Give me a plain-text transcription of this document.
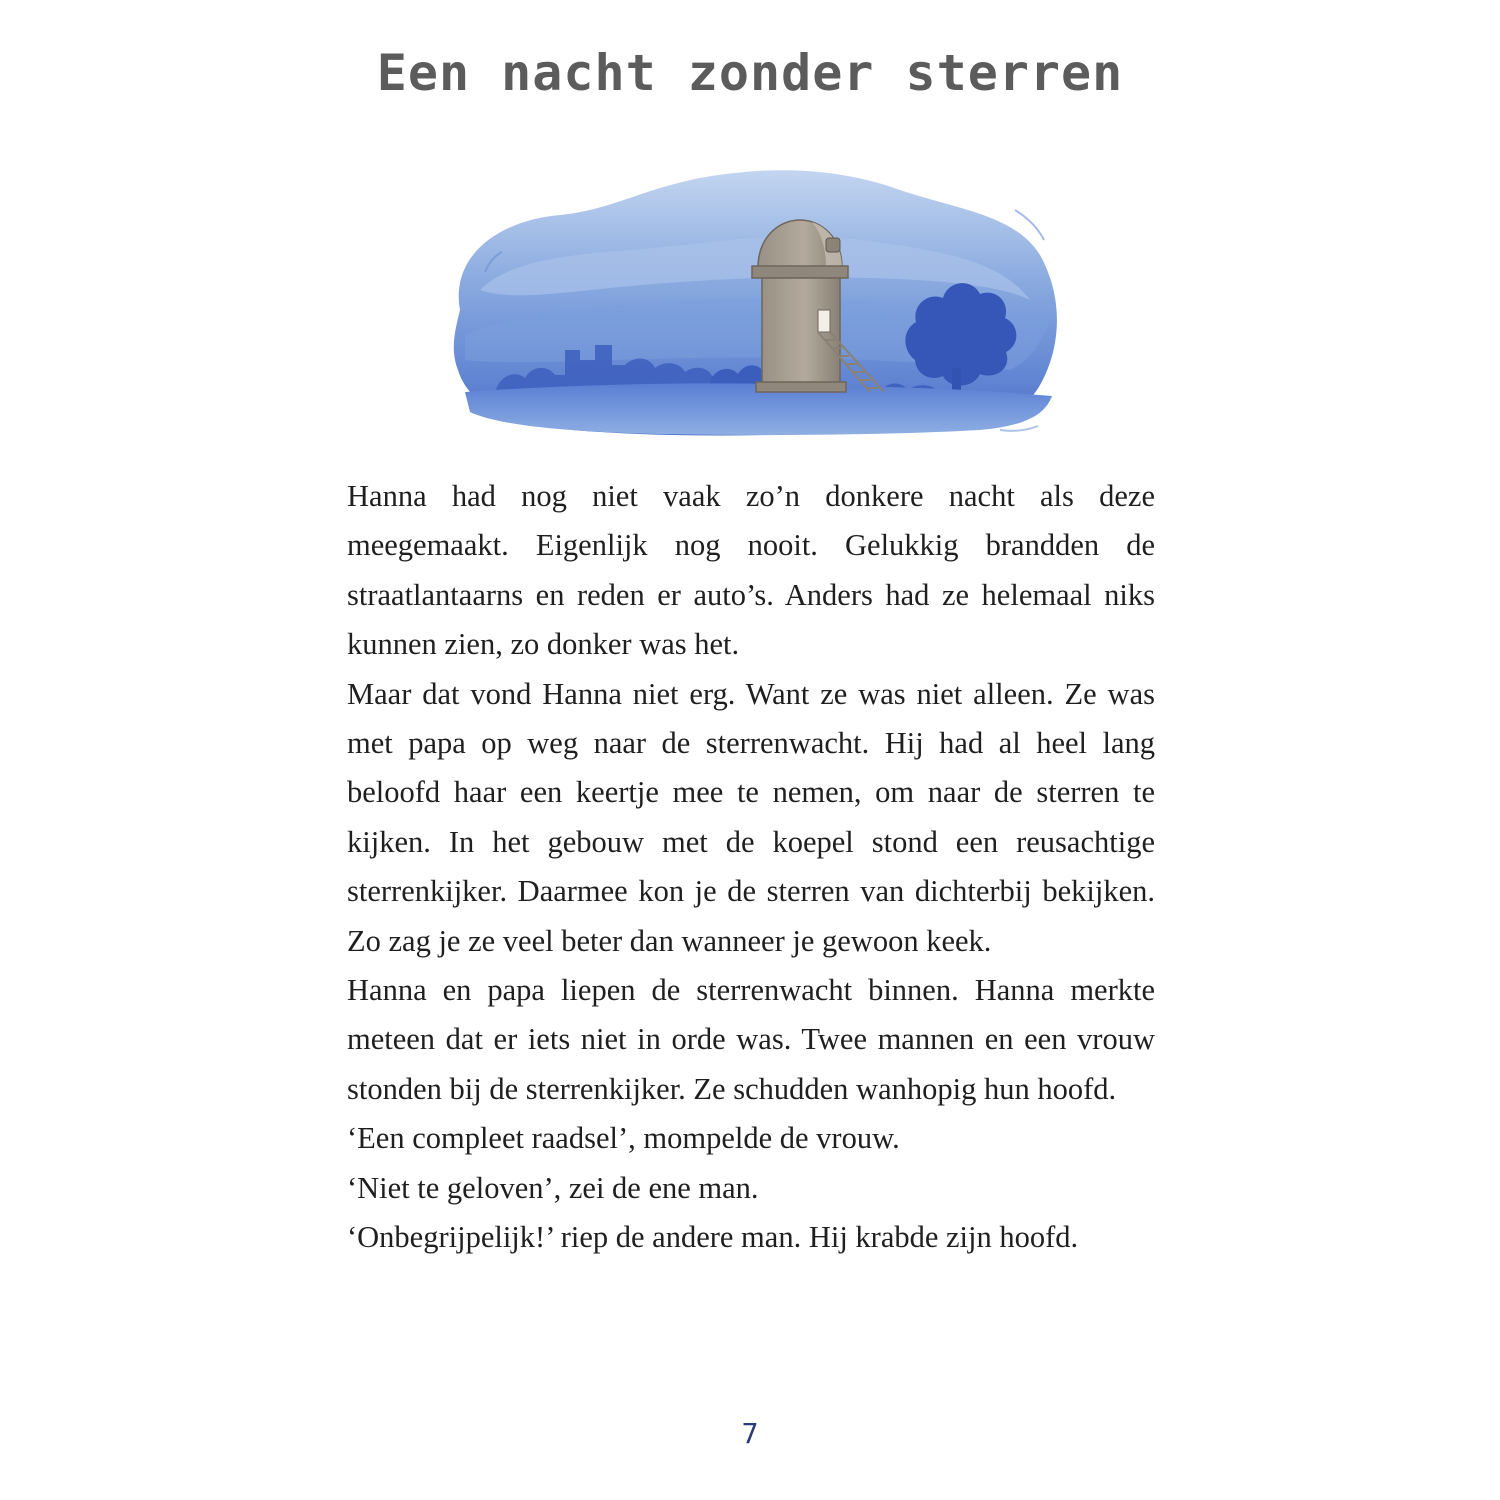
Een nacht zonder sterren

Hanna had nog niet vaak zo’n donkere nacht als deze meegemaakt. Eigenlijk nog nooit. Gelukkig brandden de straatlantaarns en reden er auto’s. Anders had ze helemaal niks kunnen zien, zo donker was het.

Maar dat vond Hanna niet erg. Want ze was niet alleen. Ze was met papa op weg naar de sterrenwacht. Hij had al heel lang beloofd haar een keertje mee te nemen, om naar de sterren te kijken. In het gebouw met de koepel stond een reusachtige sterrenkijker. Daarmee kon je de sterren van dichterbij bekijken. Zo zag je ze veel beter dan wanneer je gewoon keek.

Hanna en papa liepen de sterrenwacht binnen. Hanna merkte meteen dat er iets niet in orde was. Twee mannen en een vrouw stonden bij de sterrenkijker. Ze schudden wanhopig hun hoofd.

‘Een compleet raadsel’, mompelde de vrouw.

‘Niet te geloven’, zei de ene man.

‘Onbegrijpelijk!’ riep de andere man. Hij krabde zijn hoofd.

7
